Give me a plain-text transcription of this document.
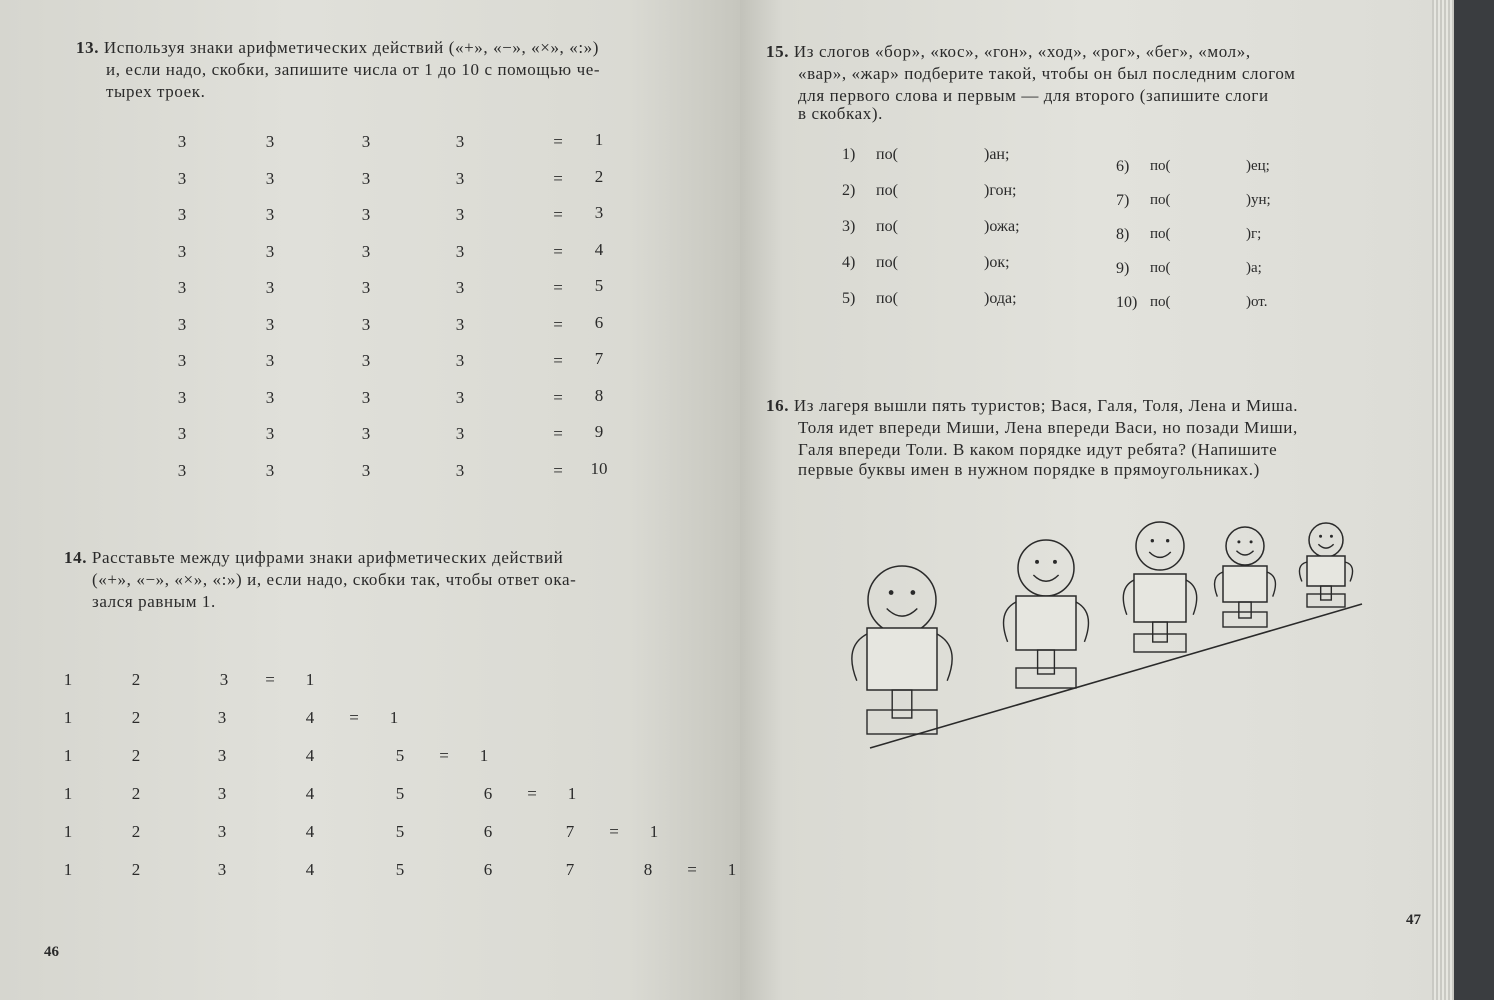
13. Используя знаки арифметических действий («+», «−», «×», «:»)
и, если надо, скобки, запишите числа от 1 до 10 с помощью че-
тырех троек.
3	3	3	3	=	1
3	3	3	3	=	2
3	3	3	3	=	3
3	3	3	3	=	4
3	3	3	3	=	5
3	3	3	3	=	6
3	3	3	3	=	7
3	3	3	3	=	8
3	3	3	3	=	9
3	3	3	3	=	10
14. Расставьте между цифрами знаки арифметических действий
(«+», «−», «×», «:») и, если надо, скобки так, чтобы ответ ока-
зался равным 1.
1	2	3	=	1
1	2	3	4	=	1
1	2	3	4	5	=	1
1	2	3	4	5	6	=	1
1	2	3	4	5	6	7	=	1
1	2	3	4	5	6	7	8	=	1
46
15. Из слогов «бор», «кос», «гон», «ход», «рог», «бег», «мол»,
«вар», «жар» подберите такой, чтобы он был последним слогом
для первого слова и первым — для второго (запишите слоги
в скобках).
1) по(	)ан;
2) по(	)гон;
3) по(	)ожа;
4) по(	)ок;
5) по(	)ода;
6) по(	)ец;
7) по(	)ун;
8) по(	)г;
9) по(	)а;
10) по(	)от.
16. Из лагеря вышли пять туристов; Вася, Галя, Толя, Лена и Миша.
Толя идет впереди Миши, Лена впереди Васи, но позади Миши,
Галя впереди Толи. В каком порядке идут ребята? (Напишите
первые буквы имен в нужном порядке в прямоугольниках.)
47
